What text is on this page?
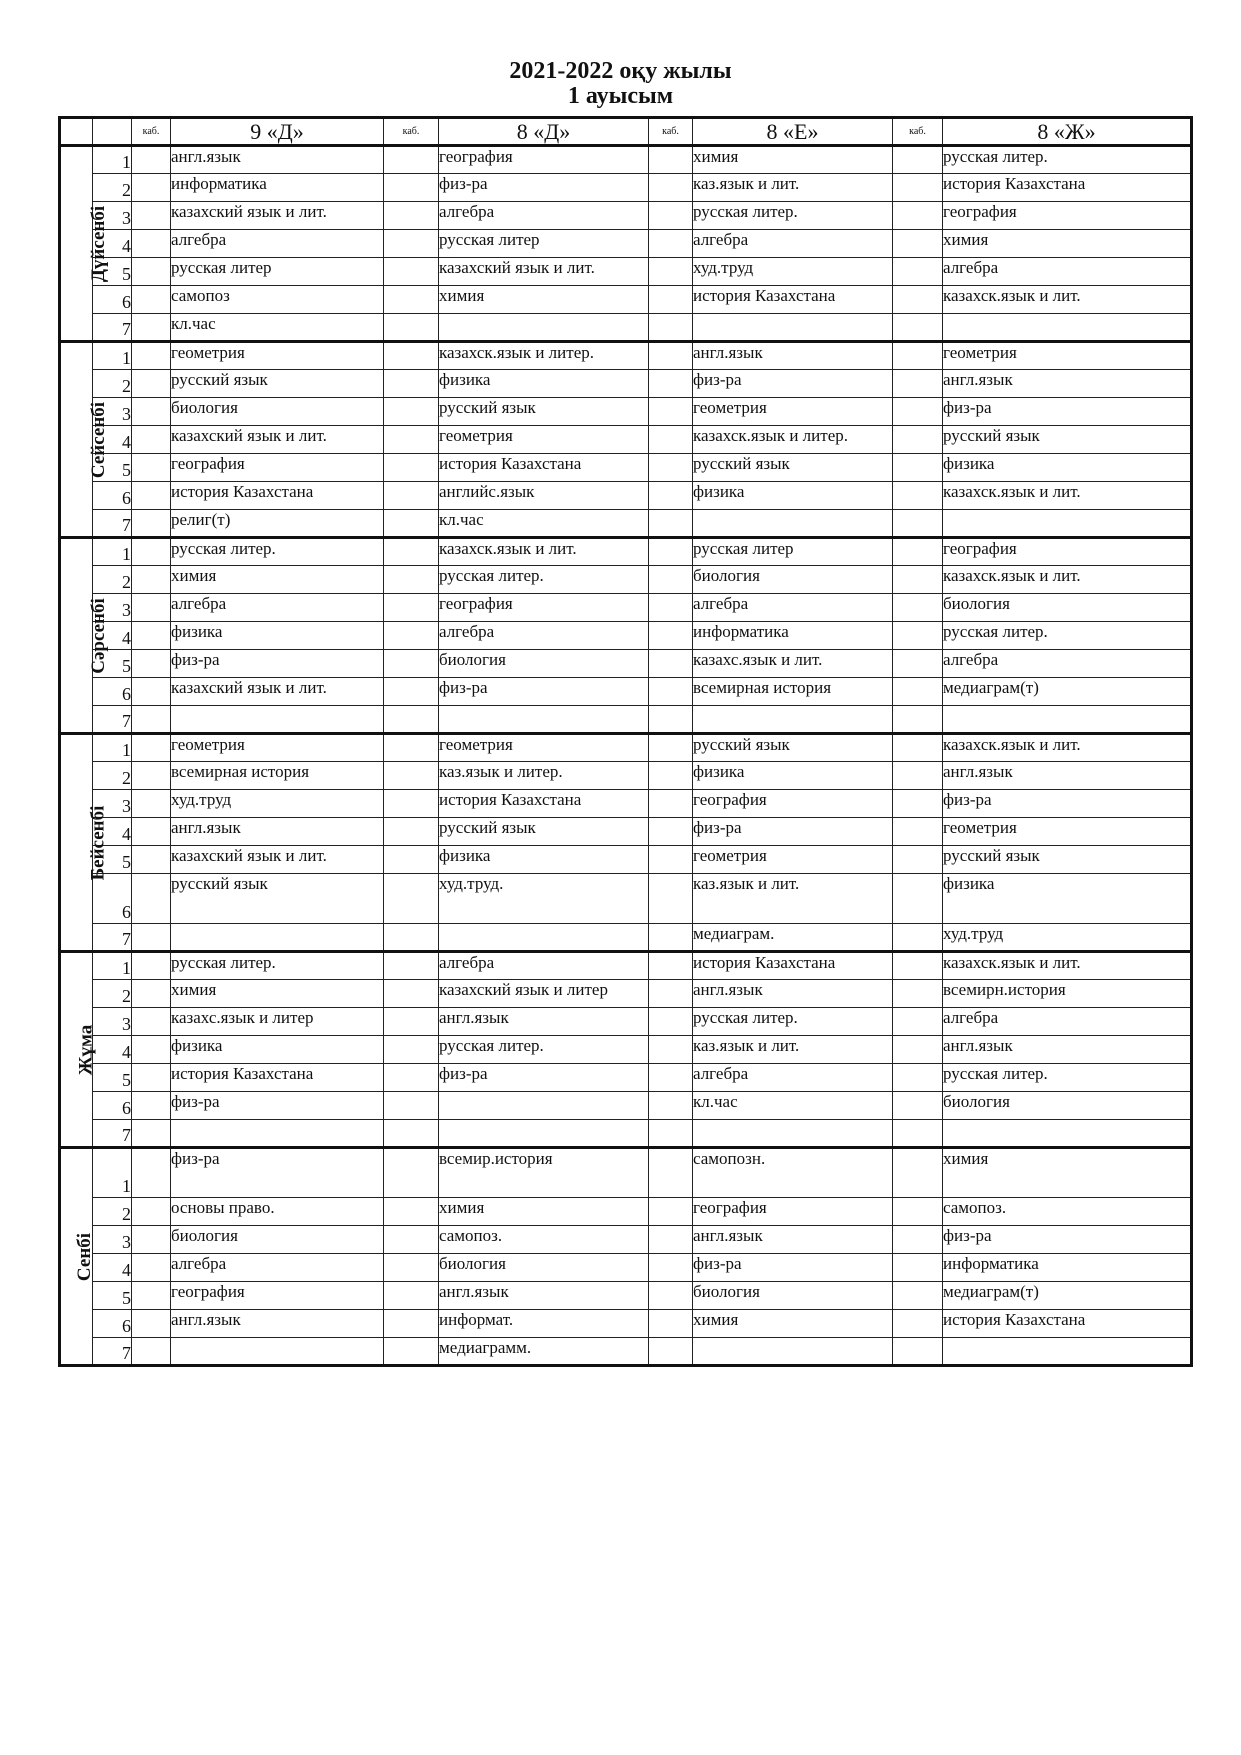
2021-2022 оқу жылы
1 ауысым
		каб.	9 «Д»	каб.	8 «Д»	каб.	8 «Е»	каб.	8 «Ж»
Дүйсенбі	1		англ.язык		география		химия		русская литер.
	2		информатика		физ-ра		каз.язык и лит.		история Казахстана
	3		казахский язык и лит.		алгебра		русская литер.		география
	4		алгебра		русская литер		алгебра		химия
	5		русская литер		казахский язык и лит.		худ.труд		алгебра
	6		самопоз		химия		история Казахстана		казахск.язык и лит.
	7		кл.час						
Сейсенбі	1		геометрия		казахск.язык и литер.		англ.язык		геометрия
	2		русский язык		физика		физ-ра		англ.язык
	3		биология		русский язык		геометрия		физ-ра
	4		казахский язык и лит.		геометрия		казахск.язык и литер.		русский язык
	5		география		история Казахстана		русский язык		физика
	6		история Казахстана		английс.язык		физика		казахск.язык и лит.
	7		религ(т)		кл.час				
Сәрсенбі	1		русская литер.		казахск.язык и лит.		русская литер		география
	2		химия		русская литер.		биология		казахск.язык и лит.
	3		алгебра		география		алгебра		биология
	4		физика		алгебра		информатика		русская литер.
	5		физ-ра		биология		казахс.язык и лит.		алгебра
	6		казахский язык и лит.		физ-ра		всемирная история		медиаграм(т)
	7								
Бейсенбі	1		геометрия		геометрия		русский язык		казахск.язык и лит.
	2		всемирная история		каз.язык и литер.		физика		англ.язык
	3		худ.труд		история Казахстана		география		физ-ра
	4		англ.язык		русский язык		физ-ра		геометрия
	5		казахский язык и лит.		физика		геометрия		русский язык
	6		русский язык		худ.труд.		каз.язык и лит.		физика
	7						медиаграм.		худ.труд
Жұма	1		русская литер.		алгебра		история Казахстана		казахск.язык и лит.
	2		химия		казахский язык и литер		англ.язык		всемирн.история
	3		казахс.язык и литер		англ.язык		русская литер.		алгебра
	4		физика		русская литер.		каз.язык и лит.		англ.язык
	5		история Казахстана		физ-ра		алгебра		русская литер.
	6		физ-ра				кл.час		биология
	7								
Сенбі	1		физ-ра		всемир.история		самопозн.		химия
	2		основы право.		химия		география		самопоз.
	3		биология		самопоз.		англ.язык		физ-ра
	4		алгебра		биология		физ-ра		информатика
	5		география		англ.язык		биология		медиаграм(т)
	6		англ.язык		информат.		химия		история Казахстана
	7				медиаграмм.				
